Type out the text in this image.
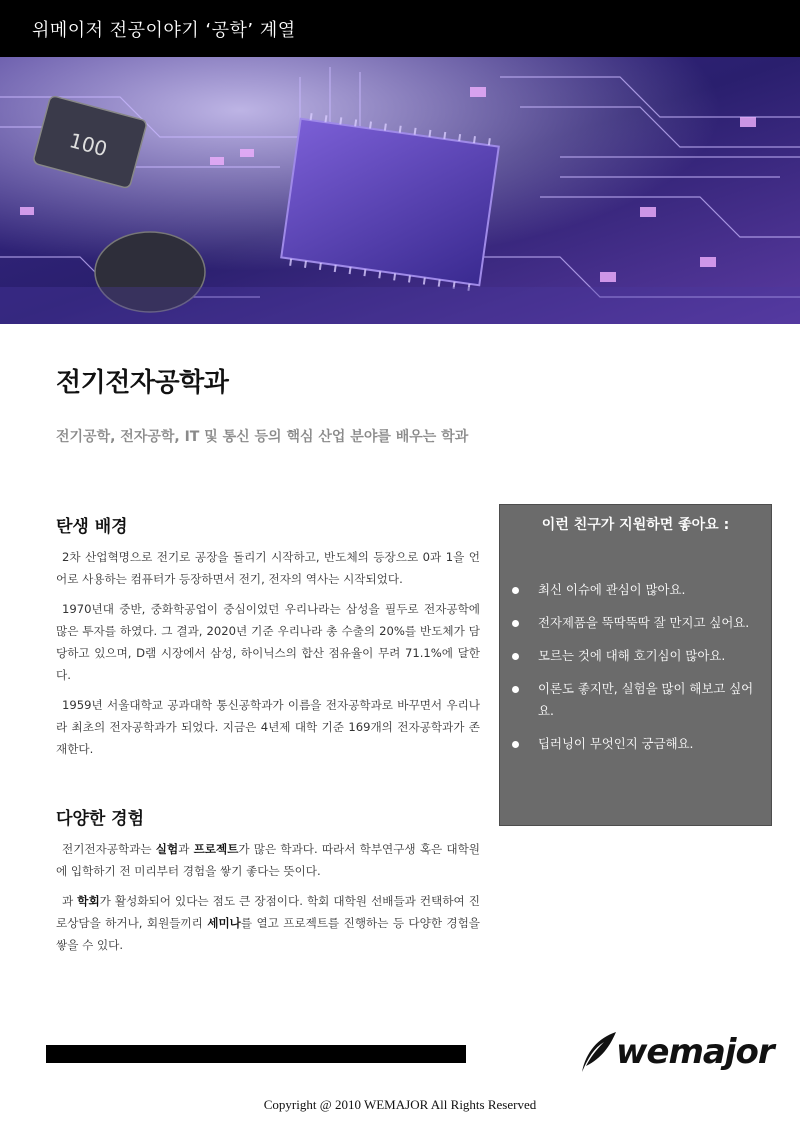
위메이저 전공이야기 ‘공학’ 계열
100
전기전자공학과
전기공학, 전자공학, IT 및 통신 등의 핵심 산업 분야를 배우는 학과
탄생 배경

2차 산업혁명으로 전기로 공장을 돌리기 시작하고, 반도체의 등장으로 0과 1을 언어로 사용하는 컴퓨터가 등장하면서 전기, 전자의 역사는 시작되었다.

1970년대 중반, 중화학공업이 중심이었던 우리나라는 삼성을 필두로 전자공학에 많은 투자를 하였다. 그 결과, 2020년 기준 우리나라 총 수출의 20%를 반도체가 담당하고 있으며, D램 시장에서 삼성, 하이닉스의 합산 점유율이 무려 71.1%에 달한다.

1959년 서울대학교 공과대학 통신공학과가 이름을 전자공학과로 바꾸면서 우리나라 최초의 전자공학과가 되었다. 지금은 4년제 대학 기준 169개의 전자공학과가 존재한다.

다양한 경험

전기전자공학과는 실험과 프로젝트가 많은 학과다. 따라서 학부연구생 혹은 대학원에 입학하기 전 미리부터 경험을 쌓기 좋다는 뜻이다.

과 학회가 활성화되어 있다는 점도 큰 장점이다. 학회 대학원 선배들과 컨택하여 진로상담을 하거나, 회원들끼리 세미나를 열고 프로젝트를 진행하는 등 다양한 경험을 쌓을 수 있다.

이런 친구가 지원하면 좋아요 :
최신 이슈에 관심이 많아요.
전자제품을 뚝딱뚝딱 잘 만지고 싶어요.
모르는 것에 대해 호기심이 많아요.
이론도 좋지만, 실험을 많이 해보고 싶어요.
딥러닝이 무엇인지 궁금해요.
wemajor
Copyright @ 2010 WEMAJOR All Rights Reserved
